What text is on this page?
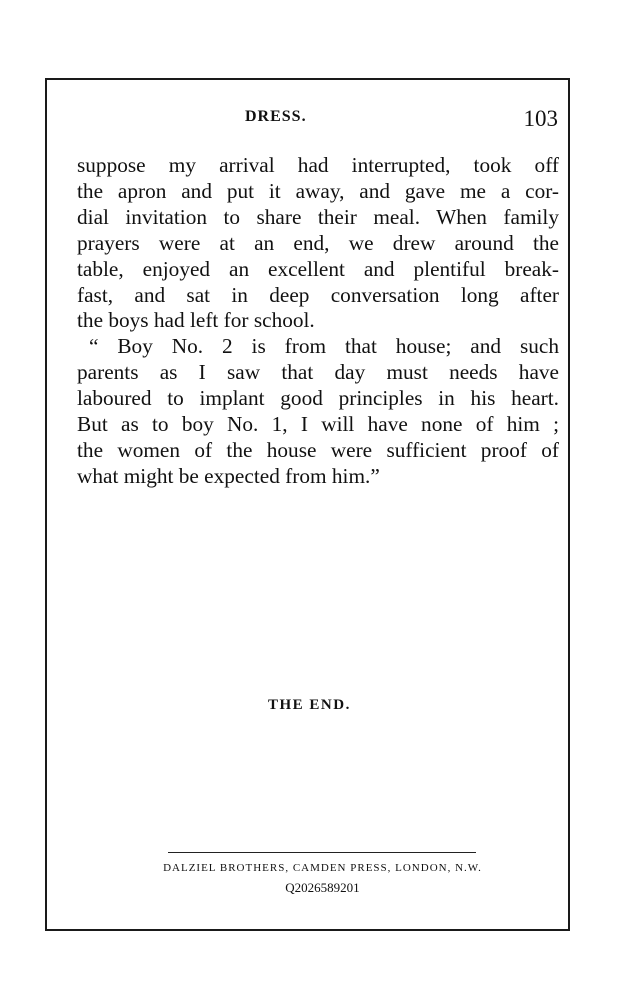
DRESS.	103

suppose my arrival had interrupted, took off

the apron and put it away, and gave me a cor-

dial invitation to share their meal. When family

prayers were at an end, we drew around the

table, enjoyed an excellent and plentiful break-

fast, and sat in deep conversation long after

the boys had left for school.

“ Boy No. 2 is from that house; and such

parents as I saw that day must needs have

laboured to implant good principles in his heart.

But as to boy No. 1, I will have none of him ;

the women of the house were sufficient proof of

what might be expected from him.”

THE END.
DALZIEL BROTHERS, CAMDEN PRESS, LONDON, N.W.
Q2026589201
